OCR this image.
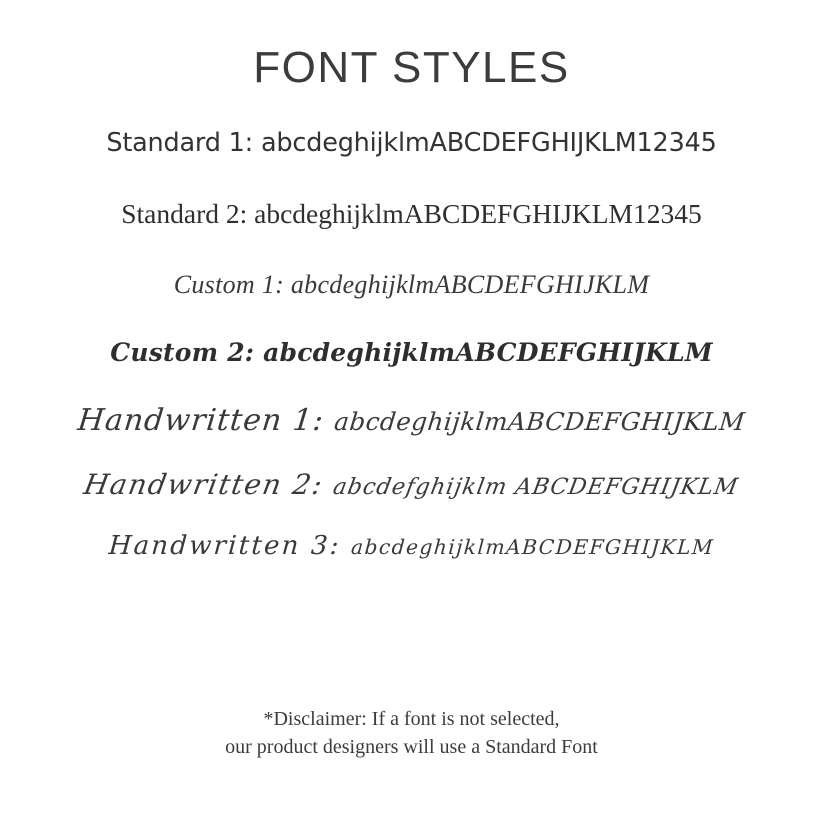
FONT STYLES
Standard 1: abcdeghijklmABCDEFGHIJKLM12345
Standard 2: abcdeghijklmABCDEFGHIJKLM12345
Custom 1: abcdeghijklmABCDEFGHIJKLM
Custom 2: abcdeghijklmABCDEFGHIJKLM
Handwritten 1: abcdeghijklmABCDEFGHIJKLM
Handwritten 2: abcdefghijklm ABCDEFGHIJKLM
Handwritten 3: abcdeghijklmABCDEFGHIJKLM
*Disclaimer: If a font is not selected,
our product designers will use a Standard Font
